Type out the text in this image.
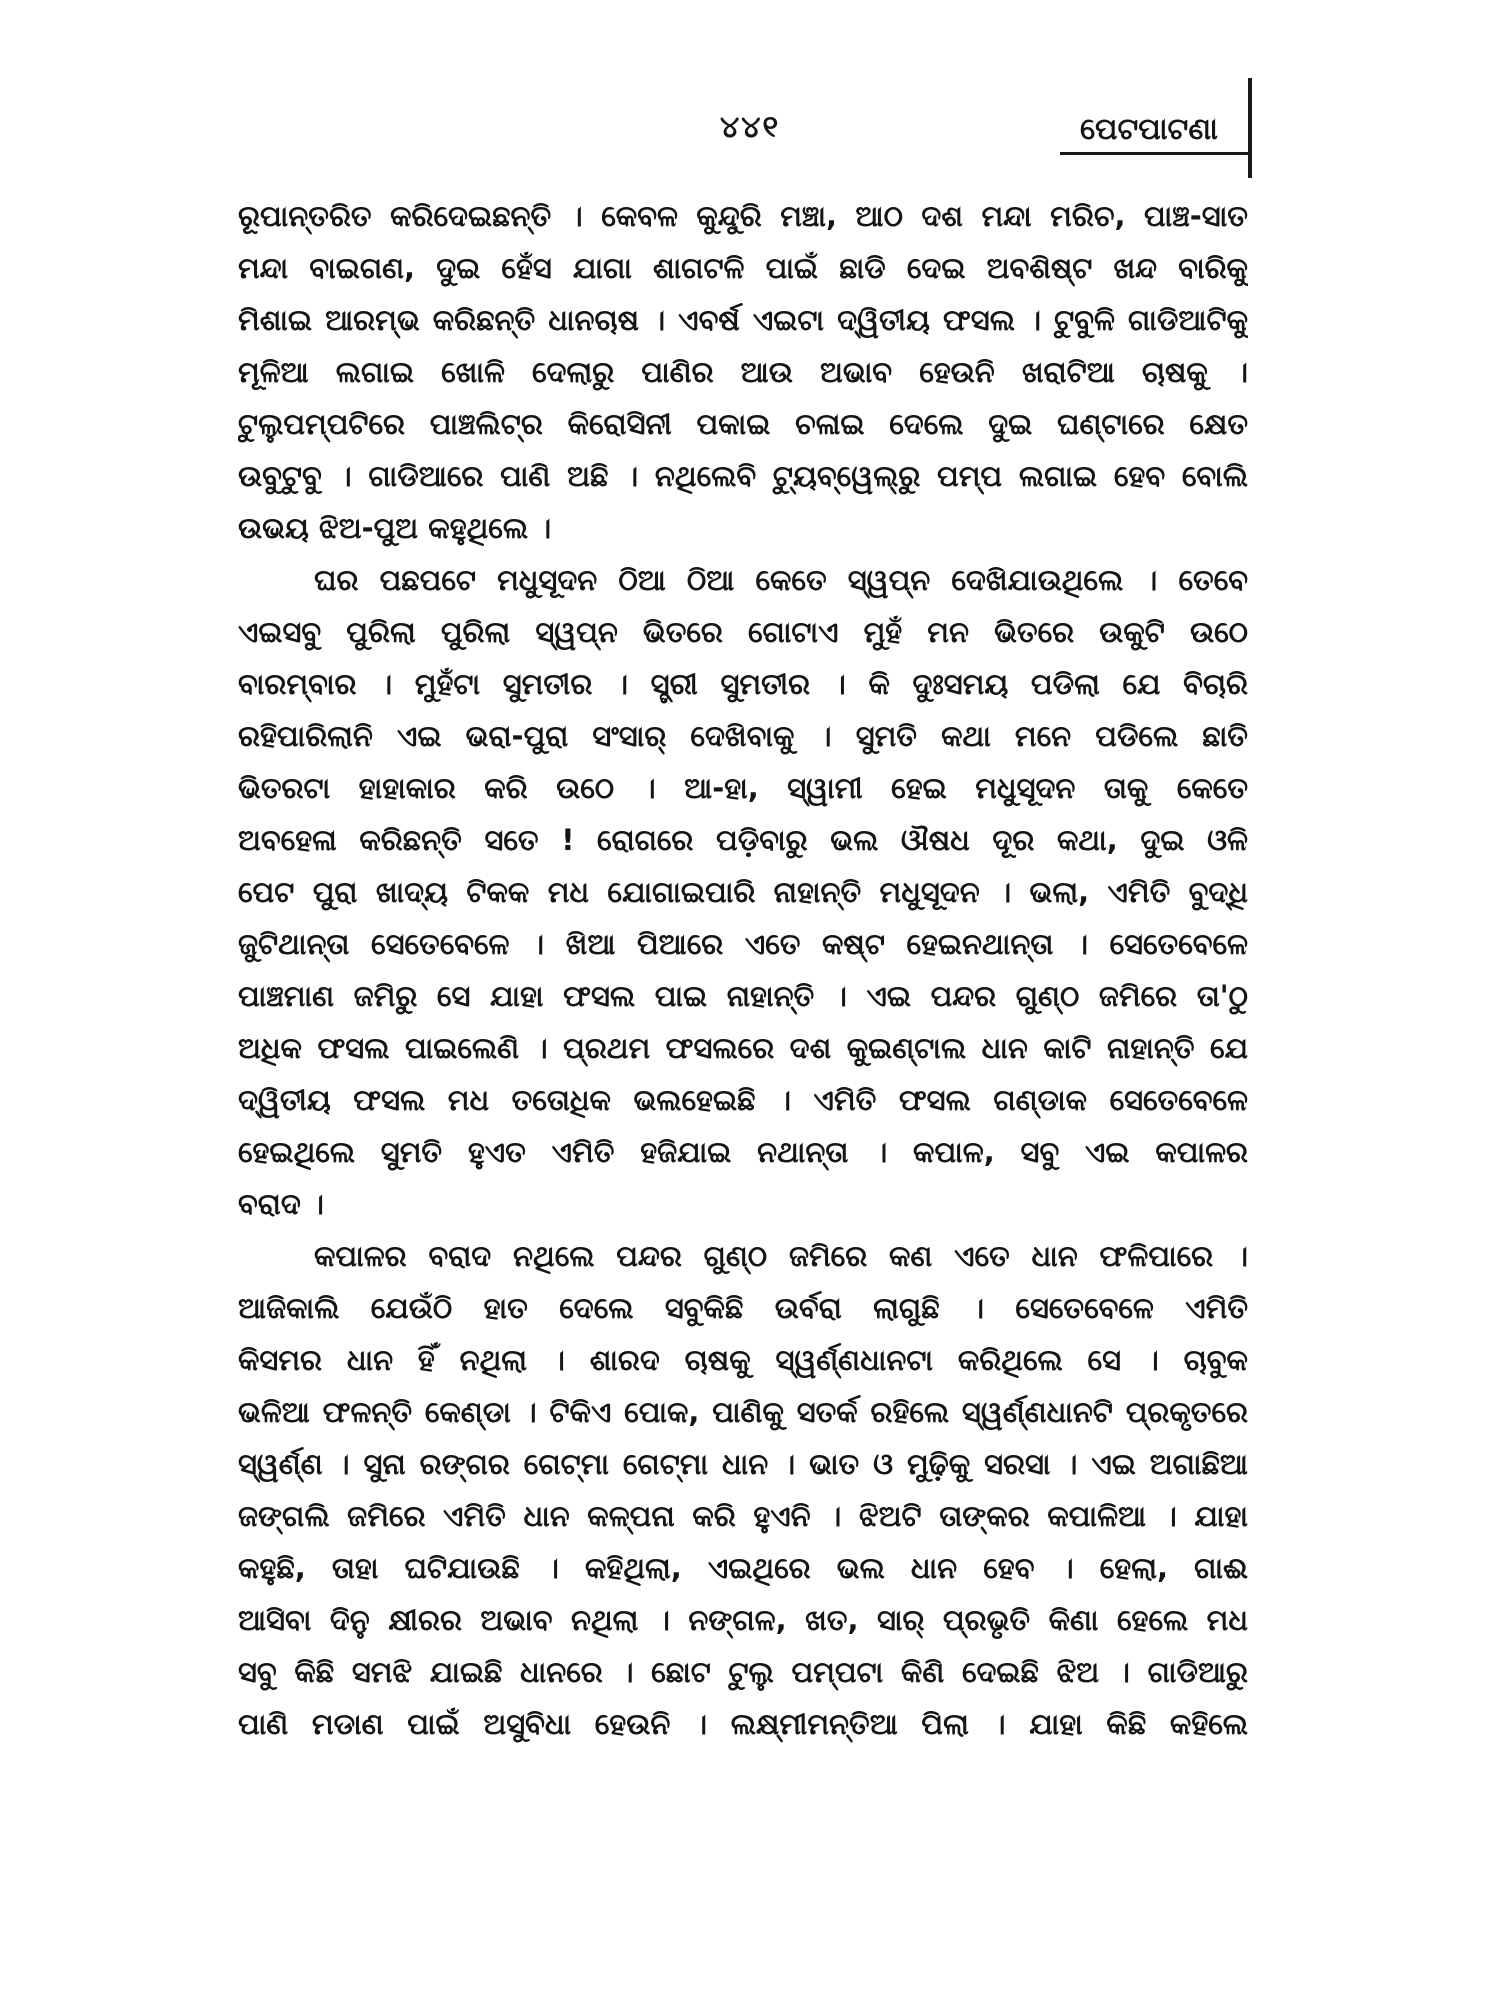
୪୪୧	ପେଟପାଟଣା
ରୂପାନ୍ତରିତ କରିଦେଇଛନ୍ତି । କେବଳ କୁନ୍ଦୁରି ମଞ୍ଚା, ଆଠ ଦଶ ମନ୍ଦା ମରିଚ, ପାଞ୍ଚ-ସାତ
ମନ୍ଦା ବାଇଗଣ, ଦୁଇ ହେଁସ ଯାଗା ଶାଗଟଳି ପାଇଁ ଛାଡି ଦେଇ ଅବଶିଷ୍ଟ ଖନ୍ଦ ବାରିକୁ
ମିଶାଇ ଆରମ୍ଭ କରିଛନ୍ତି ଧାନଚାଷ । ଏବର୍ଷ ଏଇଟା ଦ୍ୱିତୀୟ ଫସଲ । ଟୁବୁଳି ଗାଡିଆଟିକୁ
ମୂଳିଆ ଲଗାଇ ଖୋଳି ଦେଲାରୁ ପାଣିର ଆଉ ଅଭାବ ହେଉନି ଖରାଟିଆ ଚାଷକୁ ।
ଟୁଲୁପମ୍ପଟିରେ ପାଞ୍ଚଲିଟ୍ର କିରୋସିନୀ ପକାଇ ଚଳାଇ ଦେଲେ ଦୁଇ ଘଣ୍ଟାରେ କ୍ଷେତ
ଉବୁଟୁବୁ । ଗାଡିଆରେ ପାଣି ଅଛି । ନଥିଲେବି ଟ୍ୟୁବ୍‌ୱେଲ୍‌ରୁ ପମ୍ପ ଲଗାଇ ହେବ ବୋଲି
ଉଭୟ ଝିଅ-ପୁଅ କହୁଥିଲେ ।
ଘର ପଛପଟେ ମଧୁସୂଦନ ଠିଆ ଠିଆ କେତେ ସ୍ୱପ୍ନ ଦେଖିଯାଉଥିଲେ । ତେବେ
ଏଇସବୁ ପୁରିଲା ପୁରିଲା ସ୍ୱପ୍ନ ଭିତରେ ଗୋଟାଏ ମୁହଁ ମନ ଭିତରେ ଉକୁଟି ଉଠେ
ବାରମ୍ବାର । ମୁହଁଟା ସୁମତୀର । ସ୍ତ୍ରୀ ସୁମତୀର । କି ଦୁଃସମୟ ପଡିଲା ଯେ ବିଚାରି
ରହିପାରିଲାନି ଏଇ ଭରା-ପୁରା ସଂସାର୍ ଦେଖିବାକୁ । ସୁମତି କଥା ମନେ ପଡିଲେ ଛାତି
ଭିତରଟା ହାହାକାର କରି ଉଠେ । ଆ-ହା, ସ୍ୱାମୀ ହେଇ ମଧୁସୂଦନ ତାକୁ କେତେ
ଅବହେଳା କରିଛନ୍ତି ସତେ ! ରୋଗରେ ପଡ଼ିବାରୁ ଭଲ ଔଷଧ ଦୂର କଥା, ଦୁଇ ଓଳି
ପେଟ ପୁରା ଖାଦ୍ୟ ଟିକକ ମଧ ଯୋଗାଇପାରି ନାହାନ୍ତି ମଧୁସୂଦନ । ଭଲା, ଏମିତି ବୁଦ୍ଧି
ଜୁଟିଥାନ୍ତା ସେତେବେଳେ । ଖିଆ ପିଆରେ ଏତେ କଷ୍ଟ ହେଇନଥାନ୍ତା । ସେତେବେଳେ
ପାଞ୍ଚମାଣ ଜମିରୁ ସେ ଯାହା ଫସଲ ପାଇ ନାହାନ୍ତି । ଏଇ ପନ୍ଦର ଗୁଣ୍ଠ ଜମିରେ ତା'ଠୁ
ଅଧିକ ଫସଲ ପାଇଲେଣି । ପ୍ରଥମ ଫସଲରେ ଦଶ କୁଇଣ୍ଟାଲ ଧାନ କାଟି ନାହାନ୍ତି ଯେ
ଦ୍ୱିତୀୟ ଫସଲ ମଧ ତତୋଧିକ ଭଲହେଇଛି । ଏମିତି ଫସଲ ଗଣ୍ଡାକ ସେତେବେଳେ
ହେଇଥିଲେ ସୁମତି ହୁଏତ ଏମିତି ହଜିଯାଇ ନଥାନ୍ତା । କପାଳ, ସବୁ ଏଇ କପାଳର
ବରାଦ ।
କପାଳର ବରାଦ ନଥିଲେ ପନ୍ଦର ଗୁଣ୍ଠ ଜମିରେ କଣ ଏତେ ଧାନ ଫଳିପାରେ ।
ଆଜିକାଲି ଯେଉଁଠି ହାତ ଦେଲେ ସବୁକିଛି ଉର୍ବରା ଲାଗୁଛି । ସେତେବେଳେ ଏମିତି
କିସମର ଧାନ ହିଁ ନଥିଲା । ଶାରଦ ଚାଷକୁ ସ୍ୱର୍ଣ୍ଣଧାନଟା କରିଥିଲେ ସେ । ଚାବୁକ
ଭଳିଆ ଫଳନ୍ତି କେଣ୍ଡା । ଟିକିଏ ପୋକ, ପାଣିକୁ ସତର୍କ ରହିଲେ ସ୍ୱର୍ଣ୍ଣଧାନଟି ପ୍ରକୃତରେ
ସ୍ୱର୍ଣ୍ଣ । ସୁନା ରଙ୍ଗର ଗେଟ୍‌ମା ଗେଟ୍‌ମା ଧାନ । ଭାତ ଓ ମୁଢ଼ିକୁ ସରସା । ଏଇ ଅଗାଛିଆ
ଜଙ୍ଗଲି ଜମିରେ ଏମିତି ଧାନ କଳ୍ପନା କରି ହୁଏନି । ଝିଅଟି ତାଙ୍କର କପାଳିଆ । ଯାହା
କହୁଛି, ତାହା ଘଟିଯାଉଛି । କହିଥିଲା, ଏଇଥିରେ ଭଲ ଧାନ ହେବ । ହେଲା, ଗାଈ
ଆସିବା ଦିନୁ କ୍ଷୀରର ଅଭାବ ନଥିଲା । ନଙ୍ଗଳ, ଖତ, ସାର୍ ପ୍ରଭୃତି କିଣା ହେଲେ ମଧ
ସବୁ କିଛି ସମଝି ଯାଇଛି ଧାନରେ । ଛୋଟ ଟୁଲୁ ପମ୍ପଟା କିଣି ଦେଇଛି ଝିଅ । ଗାଡିଆରୁ
ପାଣି ମଡାଣ ପାଇଁ ଅସୁବିଧା ହେଉନି । ଲକ୍ଷ୍ମୀମନ୍ତିଆ ପିଲା । ଯାହା କିଛି କହିଲେ
